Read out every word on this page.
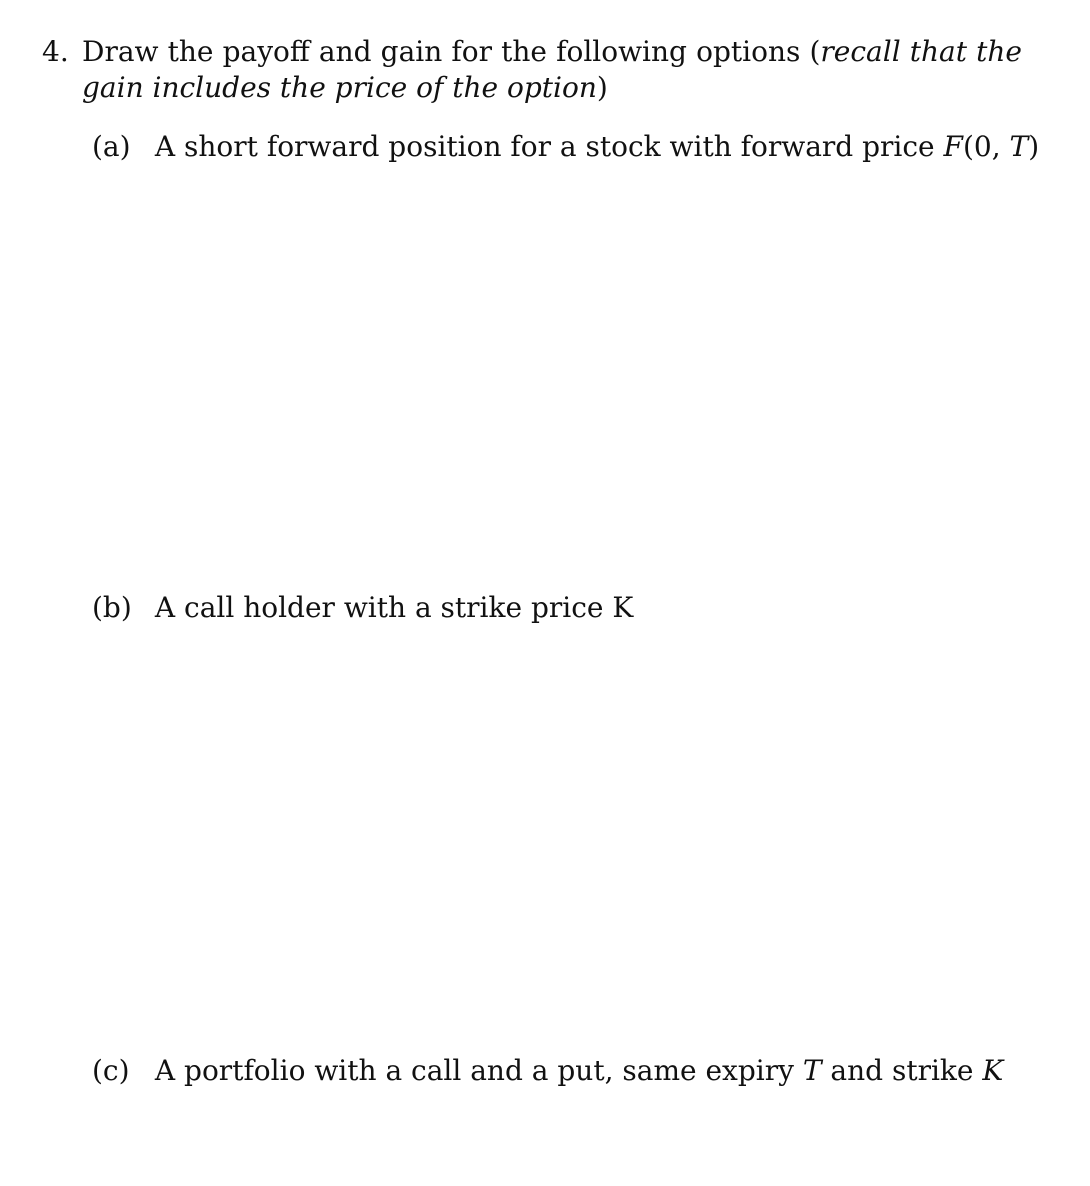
4. Draw the payoff and gain for the following options (recall that the gain includes the price of the option)
(a) A short forward position for a stock with forward price F(0, T)
(b) A call holder with a strike price K
(c) A portfolio with a call and a put, same expiry T and strike K
